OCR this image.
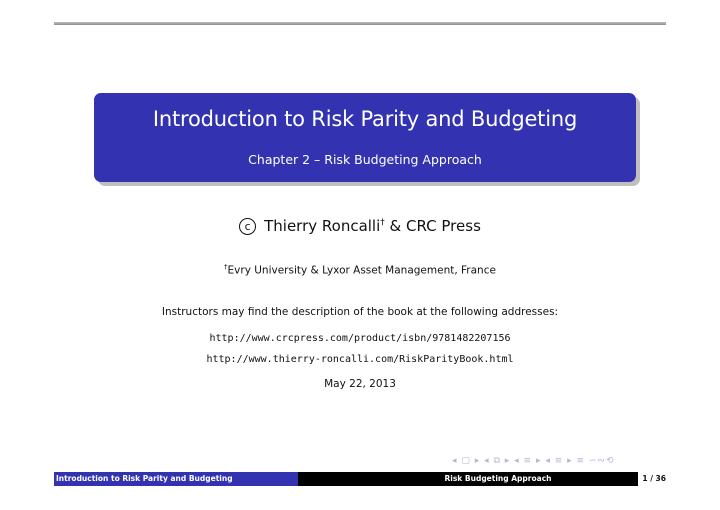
Introduction to Risk Parity and Budgeting
Chapter 2 – Risk Budgeting Approach
c Thierry Roncalli† & CRC Press
†Evry University & Lyxor Asset Management, France
Instructors may find the description of the book at the following addresses:
http://www.crcpress.com/product/isbn/9781482207156
http://www.thierry-roncalli.com/RiskParityBook.html
May 22, 2013
◂ ▢ ▸ ◂ ⧉ ▸ ◂ ≡ ▸ ◂ ≡ ▸ ≡ ∽∾⟲
Introduction to Risk Parity and Budgeting	Risk Budgeting Approach	1 / 36
